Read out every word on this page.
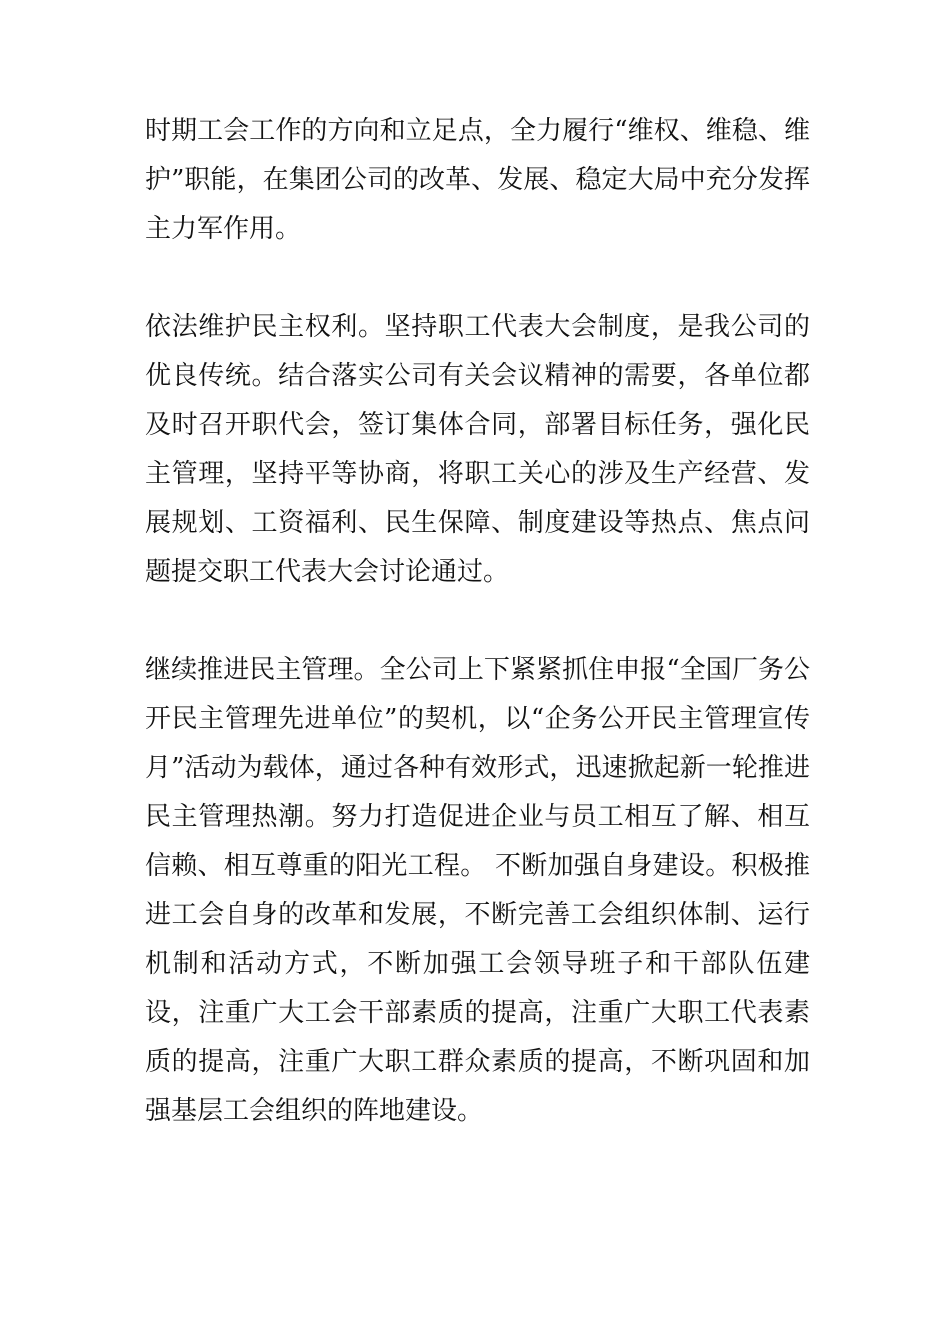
时期工会工作的方向和立足点，全力履行“维权、维稳、维护”职能，在集团公司的改革、发展、稳定大局中充分发挥主力军作用。

依法维护民主权利。坚持职工代表大会制度，是我公司的优良传统。结合落实公司有关会议精神的需要，各单位都及时召开职代会，签订集体合同，部署目标任务，强化民主管理，坚持平等协商，将职工关心的涉及生产经营、发展规划、工资福利、民生保障、制度建设等热点、焦点问题提交职工代表大会讨论通过。

继续推进民主管理。全公司上下紧紧抓住申报“全国厂务公开民主管理先进单位”的契机，以“企务公开民主管理宣传月”活动为载体，通过各种有效形式，迅速掀起新一轮推进民主管理热潮。努力打造促进企业与员工相互了解、相互信赖、相互尊重的阳光工程。 不断加强自身建设。积极推进工会自身的改革和发展，不断完善工会组织体制、运行机制和活动方式，不断加强工会领导班子和干部队伍建设，注重广大工会干部素质的提高，注重广大职工代表素质的提高，注重广大职工群众素质的提高，不断巩固和加强基层工会组织的阵地建设。
